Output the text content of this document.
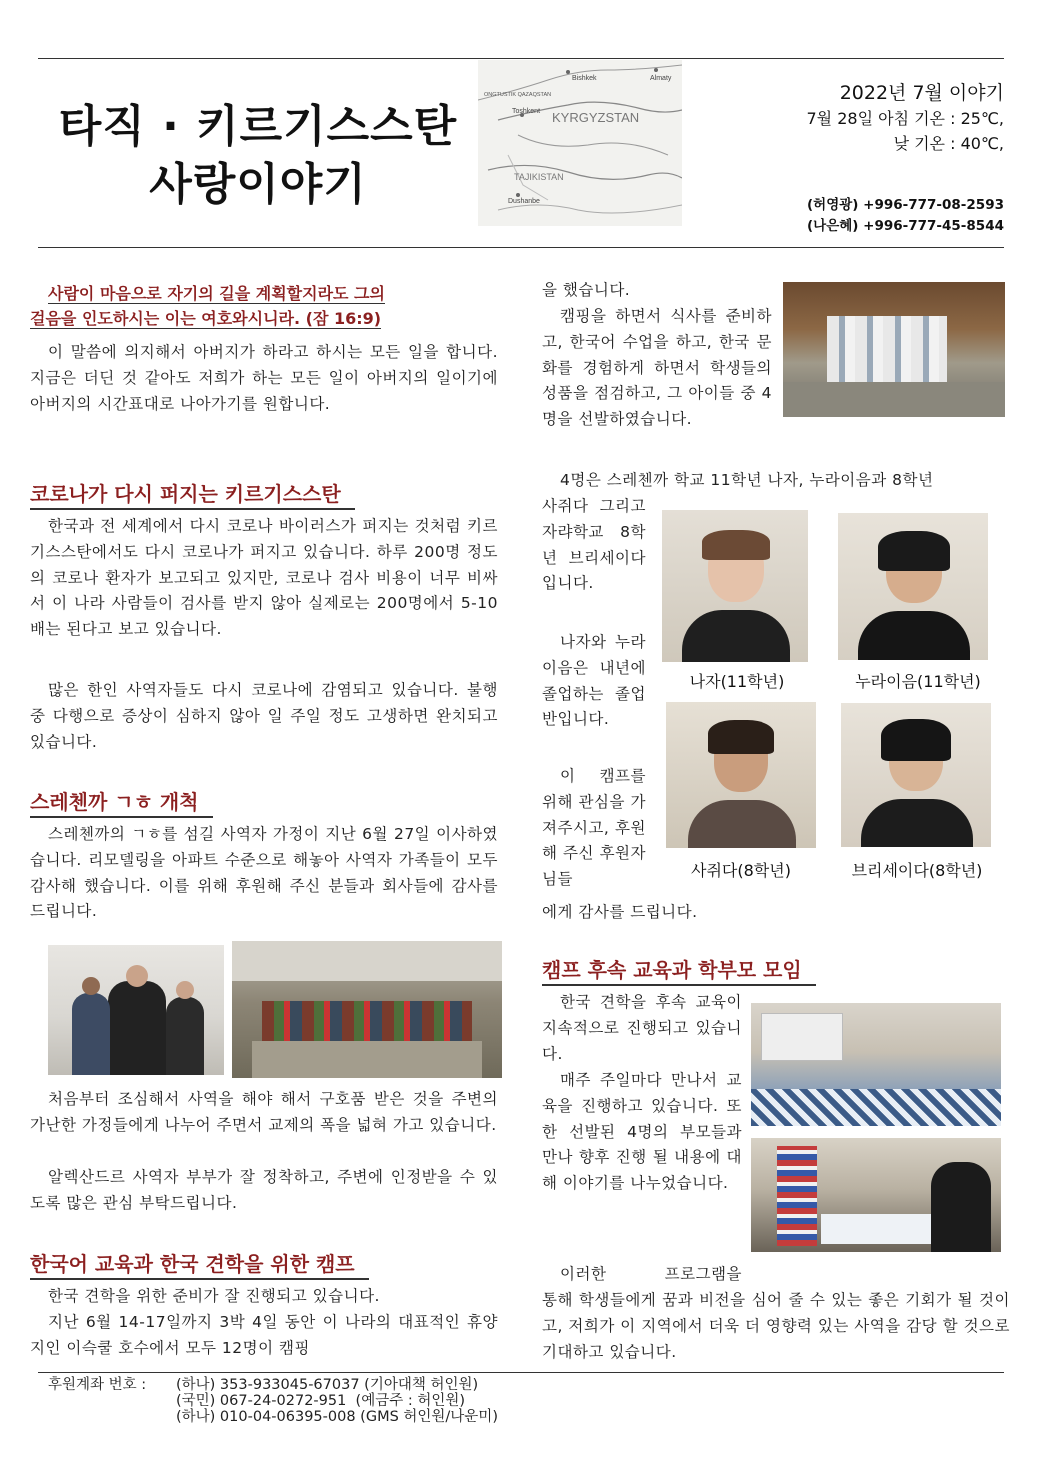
타직 · 키르기스스탄
사랑이야기
Bishkek	Almaty
ONGTUSTIK QAZAQSTAN
Toshkent KYRGYZSTAN
TAJIKISTAN
Dushanbe
2022년 7월 이야기
7월 28일 아침 기온 : 25℃,
낮 기온 : 40℃,
(허영광) +996-777-08-2593
(나은혜) +996-777-45-8544
사람이 마음으로 자기의 길을 계획할지라도 그의
걸음을 인도하시는 이는 여호와시니라. (잠 16:9)

이 말씀에 의지해서 아버지가 하라고 하시는 모든 일을 합니다. 지금은 더딘 것 같아도 저희가 하는 모든 일이 아버지의 일이기에 아버지의 시간표대로 나아가기를 원합니다.

코로나가 다시 퍼지는 키르기스스탄

한국과 전 세계에서 다시 코로나 바이러스가 퍼지는 것처럼 키르기스스탄에서도 다시 코로나가 퍼지고 있습니다. 하루 200명 정도의 코로나 환자가 보고되고 있지만, 코로나 검사 비용이 너무 비싸서 이 나라 사람들이 검사를 받지 않아 실제로는 200명에서 5-10배는 된다고 보고 있습니다.

많은 한인 사역자들도 다시 코로나에 감염되고 있습니다. 불행 중 다행으로 증상이 심하지 않아 일 주일 정도 고생하면 완치되고 있습니다.

스레첸까 ㄱㅎ 개척

스레첸까의 ㄱㅎ를 섬길 사역자 가정이 지난 6월 27일 이사하였습니다. 리모델링을 아파트 수준으로 해놓아 사역자 가족들이 모두 감사해 했습니다. 이를 위해 후원해 주신 분들과 회사들에 감사를 드립니다.

처음부터 조심해서 사역을 해야 해서 구호품 받은 것을 주변의 가난한 가정들에게 나누어 주면서 교제의 폭을 넓혀 가고 있습니다.

알렉산드르 사역자 부부가 잘 정착하고, 주변에 인정받을 수 있도록 많은 관심 부탁드립니다.

한국어 교육과 한국 견학을 위한 캠프

한국 견학을 위한 준비가 잘 진행되고 있습니다.

지난 6월 14-17일까지 3박 4일 동안 이 나라의 대표적인 휴양지인 이슥쿨 호수에서 모두 12명이 캠핑

을 했습니다.

캠핑을 하면서 식사를 준비하고, 한국어 수업을 하고, 한국 문화를 경험하게 하면서 학생들의 성품을 점검하고, 그 아이들 중 4명을 선발하였습니다.

4명은 스레첸까 학교 11학년 나자, 누라이음과 8학년

사쥐다 그리고 자랴학교 8학년 브리세이다입니다.

나자와 누라이음은 내년에 졸업하는 졸업반입니다.

이 캠프를 위해 관심을 가져주시고, 후원해 주신 후원자님들

에게 감사를 드립니다.

나자(11학년)	누라이음(11학년)
사쥐다(8학년)	브리세이다(8학년)
캠프 후속 교육과 학부모 모임

한국 견학을 후속 교육이 지속적으로 진행되고 있습니다.

매주 주일마다 만나서 교육을 진행하고 있습니다. 또한 선발된 4명의 부모들과 만나 향후 진행 될 내용에 대해 이야기를 나누었습니다.

이러한 프로그램을

통해 학생들에게 꿈과 비전을 심어 줄 수 있는 좋은 기회가 될 것이고, 저희가 이 지역에서 더욱 더 영향력 있는 사역을 감당 할 것으로 기대하고 있습니다.

후원계좌 번호 : (하나) 353-933045-67037 (기아대책 허인원)
(국민) 067-24-0272-951  (예금주 : 허인원)
(하나) 010-04-06395-008 (GMS 허인원/나운미)
